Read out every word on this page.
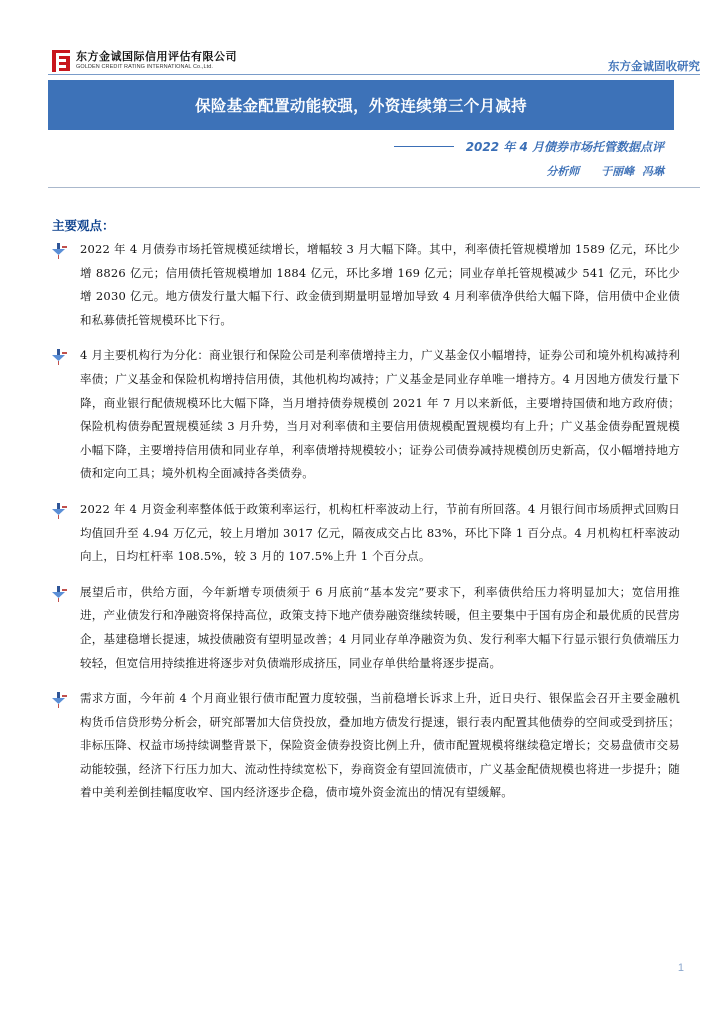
东方金诚国际信用评估有限公司
GOLDEN CREDIT RATING INTERNATIONAL Co.,Ltd.	东方金诚固收研究
保险基金配置动能较强，外资连续第三个月减持
2022 年 4 月债券市场托管数据点评
分析师 于丽峰 冯琳
主要观点：
2022 年 4 月债券市场托管规模延续增长，增幅较 3 月大幅下降。其中，利率债托管规模增加 1589 亿元，环比少增 8826 亿元；信用债托管规模增加 1884 亿元，环比多增 169 亿元；同业存单托管规模减少 541 亿元，环比少增 2030 亿元。地方债发行量大幅下行、政金债到期量明显增加导致 4 月利率债净供给大幅下降，信用债中企业债和私募债托管规模环比下行。
4 月主要机构行为分化：商业银行和保险公司是利率债增持主力，广义基金仅小幅增持，证券公司和境外机构减持利率债；广义基金和保险机构增持信用债，其他机构均减持；广义基金是同业存单唯一增持方。4 月因地方债发行量下降，商业银行配债规模环比大幅下降，当月增持债券规模创 2021 年 7 月以来新低，主要增持国债和地方政府债；保险机构债券配置规模延续 3 月升势，当月对利率债和主要信用债规模配置规模均有上升；广义基金债券配置规模小幅下降，主要增持信用债和同业存单，利率债增持规模较小；证券公司债券减持规模创历史新高，仅小幅增持地方债和定向工具；境外机构全面减持各类债券。
2022 年 4 月资金利率整体低于政策利率运行，机构杠杆率波动上行，节前有所回落。4 月银行间市场质押式回购日均值回升至 4.94 万亿元，较上月增加 3017 亿元，隔夜成交占比 83%，环比下降 1 百分点。4 月机构杠杆率波动向上，日均杠杆率 108.5%，较 3 月的 107.5%上升 1 个百分点。
展望后市，供给方面，今年新增专项债须于 6 月底前“基本发完”要求下，利率债供给压力将明显加大；宽信用推进，产业债发行和净融资将保持高位，政策支持下地产债券融资继续转暖，但主要集中于国有房企和最优质的民营房企，基建稳增长提速，城投债融资有望明显改善；4 月同业存单净融资为负、发行利率大幅下行显示银行负债端压力较轻，但宽信用持续推进将逐步对负债端形成挤压，同业存单供给量将逐步提高。
需求方面，今年前 4 个月商业银行债市配置力度较强，当前稳增长诉求上升，近日央行、银保监会召开主要金融机构货币信贷形势分析会，研究部署加大信贷投放，叠加地方债发行提速，银行表内配置其他债券的空间或受到挤压；非标压降、权益市场持续调整背景下，保险资金债券投资比例上升，债市配置规模将继续稳定增长；交易盘债市交易动能较强，经济下行压力加大、流动性持续宽松下，券商资金有望回流债市，广义基金配债规模也将进一步提升；随着中美利差倒挂幅度收窄、国内经济逐步企稳，债市境外资金流出的情况有望缓解。
1
